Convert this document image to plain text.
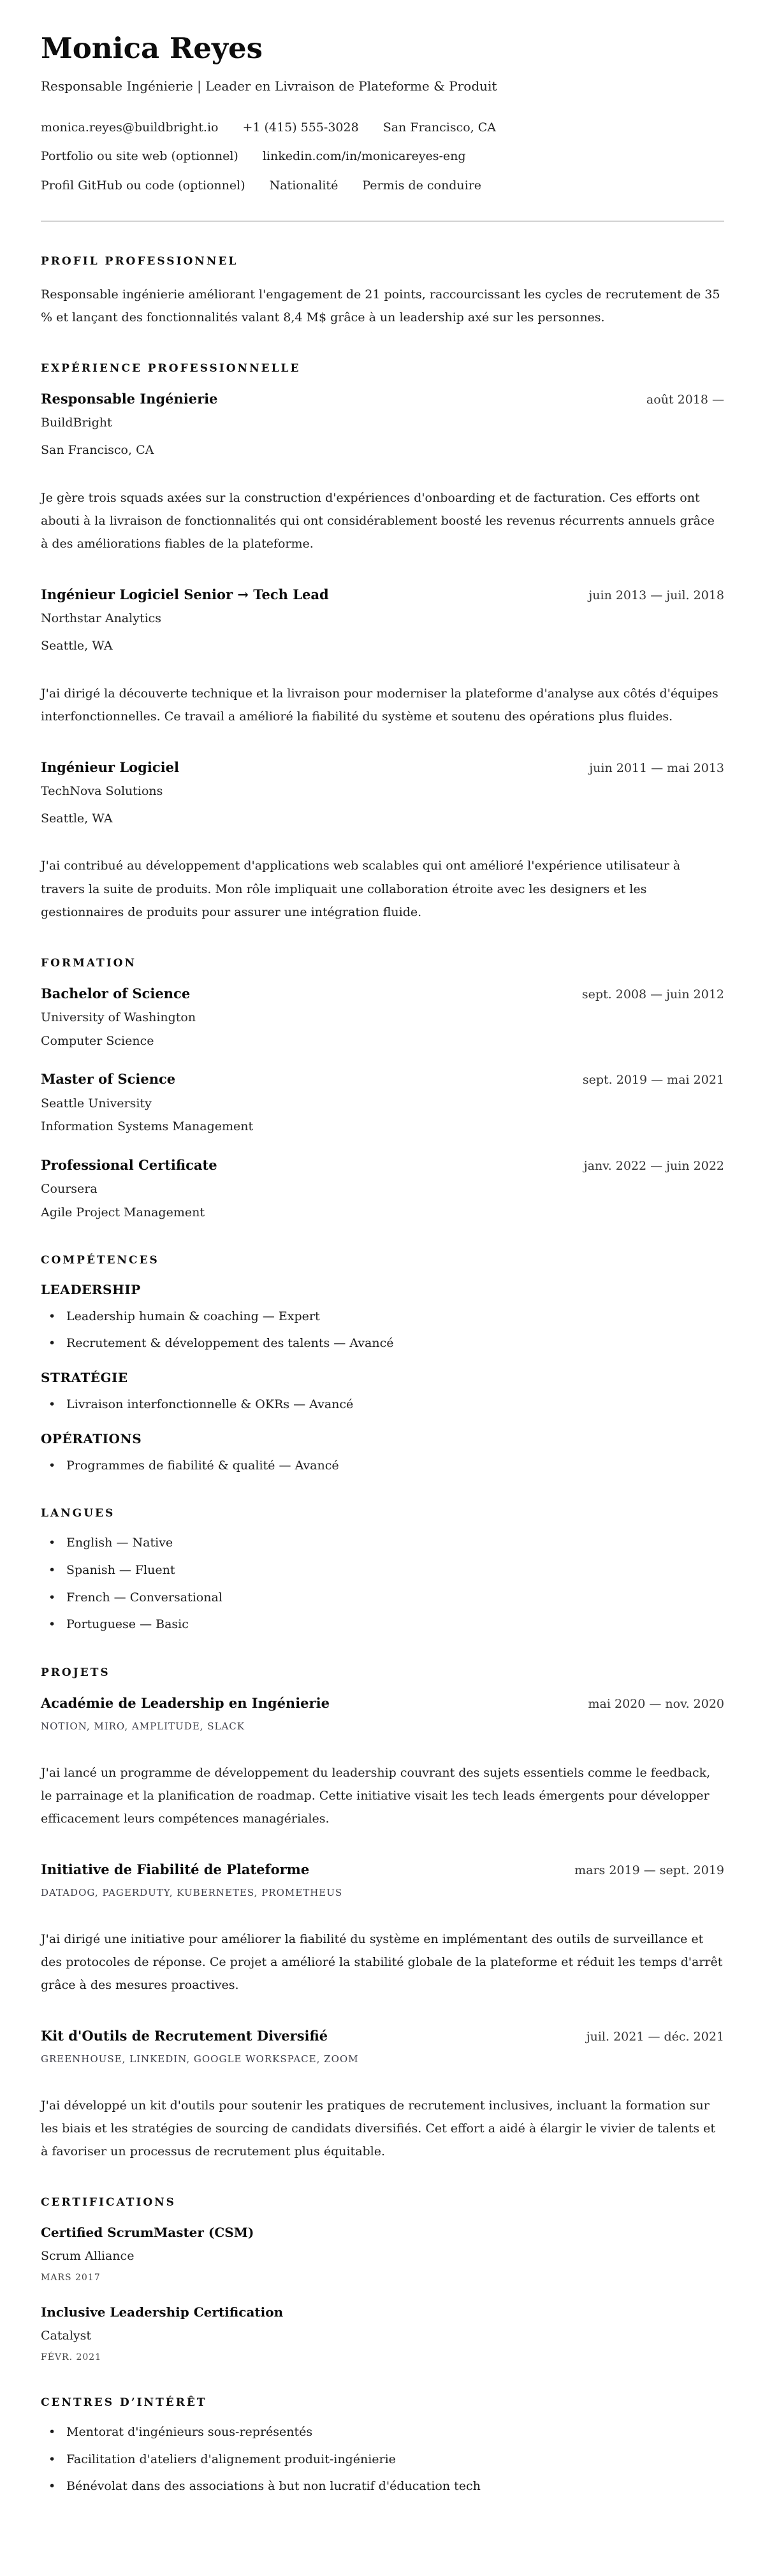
Monica Reyes

Responsable Ingénierie | Leader en Livraison de Plateforme & Produit

monica.reyes@buildbright.io +1 (415) 555-3028 San Francisco, CA
Portfolio ou site web (optionnel) linkedin.com/in/monicareyes-eng
Profil GitHub ou code (optionnel) Nationalité Permis de conduire
PROFIL PROFESSIONNEL

Responsable ingénierie améliorant l'engagement de 21 points, raccourcissant les cycles de recrutement de 35 % et lançant des fonctionnalités valant 8,4 M$ grâce à un leadership axé sur les personnes.

EXPÉRIENCE PROFESSIONNELLE
Responsable Ingénierie	août 2018 —

BuildBright

San Francisco, CA

Je gère trois squads axées sur la construction d'expériences d'onboarding et de facturation. Ces efforts ont abouti à la livraison de fonctionnalités qui ont considérablement boosté les revenus récurrents annuels grâce à des améliorations fiables de la plateforme.

Ingénieur Logiciel Senior → Tech Lead	juin 2013 — juil. 2018

Northstar Analytics

Seattle, WA

J'ai dirigé la découverte technique et la livraison pour moderniser la plateforme d'analyse aux côtés d'équipes interfonctionnelles. Ce travail a amélioré la fiabilité du système et soutenu des opérations plus fluides.

Ingénieur Logiciel	juin 2011 — mai 2013

TechNova Solutions

Seattle, WA

J'ai contribué au développement d'applications web scalables qui ont amélioré l'expérience utilisateur à travers la suite de produits. Mon rôle impliquait une collaboration étroite avec les designers et les gestionnaires de produits pour assurer une intégration fluide.

FORMATION
Bachelor of Science	sept. 2008 — juin 2012

University of Washington

Computer Science

Master of Science	sept. 2019 — mai 2021

Seattle University

Information Systems Management

Professional Certificate	janv. 2022 — juin 2022

Coursera

Agile Project Management

COMPÉTENCES
LEADERSHIP
• Leadership humain & coaching — Expert
• Recrutement & développement des talents — Avancé
STRATÉGIE
• Livraison interfonctionnelle & OKRs — Avancé
OPÉRATIONS
• Programmes de fiabilité & qualité — Avancé
LANGUES
• English — Native
• Spanish — Fluent
• French — Conversational
• Portuguese — Basic
PROJETS
Académie de Leadership en Ingénierie	mai 2020 — nov. 2020

NOTION, MIRO, AMPLITUDE, SLACK

J'ai lancé un programme de développement du leadership couvrant des sujets essentiels comme le feedback, le parrainage et la planification de roadmap. Cette initiative visait les tech leads émergents pour développer efficacement leurs compétences managériales.

Initiative de Fiabilité de Plateforme	mars 2019 — sept. 2019

DATADOG, PAGERDUTY, KUBERNETES, PROMETHEUS

J'ai dirigé une initiative pour améliorer la fiabilité du système en implémentant des outils de surveillance et des protocoles de réponse. Ce projet a amélioré la stabilité globale de la plateforme et réduit les temps d'arrêt grâce à des mesures proactives.

Kit d'Outils de Recrutement Diversifié	juil. 2021 — déc. 2021

GREENHOUSE, LINKEDIN, GOOGLE WORKSPACE, ZOOM

J'ai développé un kit d'outils pour soutenir les pratiques de recrutement inclusives, incluant la formation sur les biais et les stratégies de sourcing de candidats diversifiés. Cet effort a aidé à élargir le vivier de talents et à favoriser un processus de recrutement plus équitable.

CERTIFICATIONS
Certified ScrumMaster (CSM)

Scrum Alliance

MARS 2017

Inclusive Leadership Certification

Catalyst

FÉVR. 2021

CENTRES D’INTÉRÊT
• Mentorat d'ingénieurs sous-représentés
• Facilitation d'ateliers d'alignement produit-ingénierie
• Bénévolat dans des associations à but non lucratif d'éducation tech
